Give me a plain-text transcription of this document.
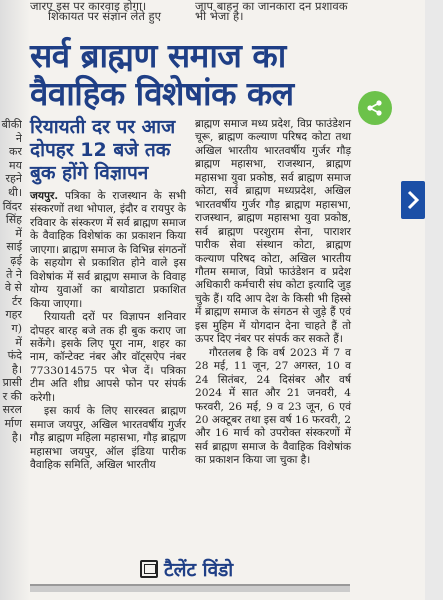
जारए इस पर कारवाइ होगा।
शिकायत पर संज्ञान लेते हुए
जाप बाहन का जानकारा दन प्रशावक
भी भेजा है।
बीकी
ने
कर
मय
रहने
थी।
विंदर
सिंह
में
साई
ढ़ई
ते ने
वे से
र्टर
गहर
ग)
में
फंदे
है।
प्रासी
र की
सरल
र्माण
है।
सर्व ब्राह्मण समाज का वैवाहिक विशेषांक कल
रियायती दर पर आज दोपहर 12 बजे तक बुक होंगे विज्ञापन

जयपुर. पत्रिका के राजस्थान के सभी संस्करणों तथा भोपाल, इंदौर व रायपुर के रविवार के संस्करण में सर्व ब्राह्मण समाज के वैवाहिक विशेषांक का प्रकाशन किया जाएगा। ब्राह्मण समाज के विभिन्न संगठनों के सहयोग से प्रकाशित होने वाले इस विशेषांक में सर्व ब्राह्मण समाज के विवाह योग्य युवाओं का बायोडाटा प्रकाशित किया जाएगा।

रियायती दरों पर विज्ञापन शनिवार दोपहर बारह बजे तक ही बुक कराए जा सकेंगे। इसके लिए पूरा नाम, शहर का नाम, कॉन्टेक्ट नंबर और वॉट्सऐप नंबर 7733014575 पर भेज दें। पत्रिका टीम अति शीघ्र आपसे फोन पर संपर्क करेगी।

इस कार्य के लिए सारस्वत ब्राह्मण समाज जयपुर, अखिल भारतवर्षीय गुर्जर गौड़ ब्राह्मण महिला महासभा, गौड़ ब्राह्मण महासभा जयपुर, ऑल इंडिया पारीक वैवाहिक समिति, अखिल भारतीय

ब्राह्मण समाज मध्य प्रदेश, विप्र फाउंडेशन चूरू, ब्राह्मण कल्याण परिषद कोटा तथा अखिल भारतीय भारतवर्षीय गुर्जर गौड़ ब्राह्मण महासभा, राजस्थान, ब्राह्मण महासभा युवा प्रकोष्ठ, सर्व ब्राह्मण समाज कोटा, सर्व ब्राह्मण मध्यप्रदेश, अखिल भारतवर्षीय गुर्जर गौड़ ब्राह्मण महासभा, राजस्थान, ब्राह्मण महासभा युवा प्रकोष्ठ, सर्व ब्राह्मण परशुराम सेना, पाराशर पारीक सेवा संस्थान कोटा, ब्राह्मण कल्याण परिषद कोटा, अखिल भारतीय गौतम समाज, विप्रो फाउंडेशन व प्रदेश अधिकारी कर्मचारी संघ कोटा इत्यादि जुड़ चुके हैं। यदि आप देश के किसी भी हिस्से में ब्राह्मण समाज के संगठन से जुड़े हैं एवं इस मुहिम में योगदान देना चाहते हैं तो ऊपर दिए नंबर पर संपर्क कर सकते हैं।

गौरतलब है कि वर्ष 2023 में 7 व 28 मई, 11 जून, 27 अगस्त, 10 व 24 सितंबर, 24 दिसंबर और वर्ष 2024 में सात और 21 जनवरी, 4 फरवरी, 26 मई, 9 व 23 जून, 6 एवं 20 अक्टूबर तथा इस वर्ष 16 फरवरी, 2 और 16 मार्च को उपरोक्त संस्करणों में सर्व ब्राह्मण समाज के वैवाहिक विशेषांक का प्रकाशन किया जा चुका है।

टैलेंट विंडो
